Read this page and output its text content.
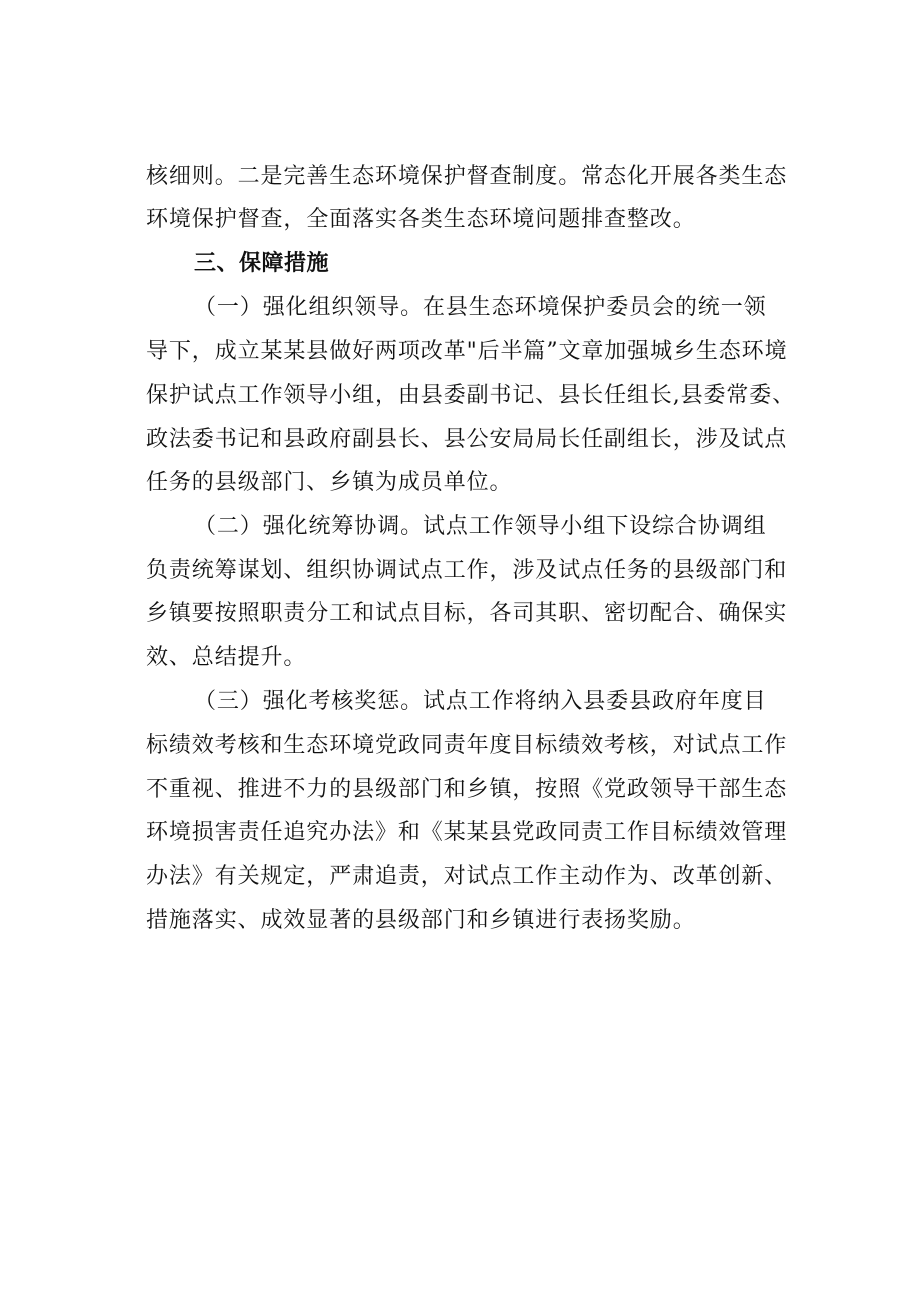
核细则。二是完善生态环境保护督查制度。常态化开展各类生态
环境保护督查，全面落实各类生态环境问题排查整改。
三、保障措施
（一）强化组织领导。在县生态环境保护委员会的统一领
导下，成立某某县做好两项改革"后半篇”文章加强城乡生态环境
保护试点工作领导小组，由县委副书记、县长任组长,县委常委、
政法委书记和县政府副县长、县公安局局长任副组长，涉及试点
任务的县级部门、乡镇为成员单位。
（二）强化统筹协调。试点工作领导小组下设综合协调组
负责统筹谋划、组织协调试点工作，涉及试点任务的县级部门和
乡镇要按照职责分工和试点目标，各司其职、密切配合、确保实
效、总结提升。
（三）强化考核奖惩。试点工作将纳入县委县政府年度目
标绩效考核和生态环境党政同责年度目标绩效考核，对试点工作
不重视、推进不力的县级部门和乡镇，按照《党政领导干部生态
环境损害责任追究办法》和《某某县党政同责工作目标绩效管理
办法》有关规定，严肃追责，对试点工作主动作为、改革创新、
措施落实、成效显著的县级部门和乡镇进行表扬奖励。
